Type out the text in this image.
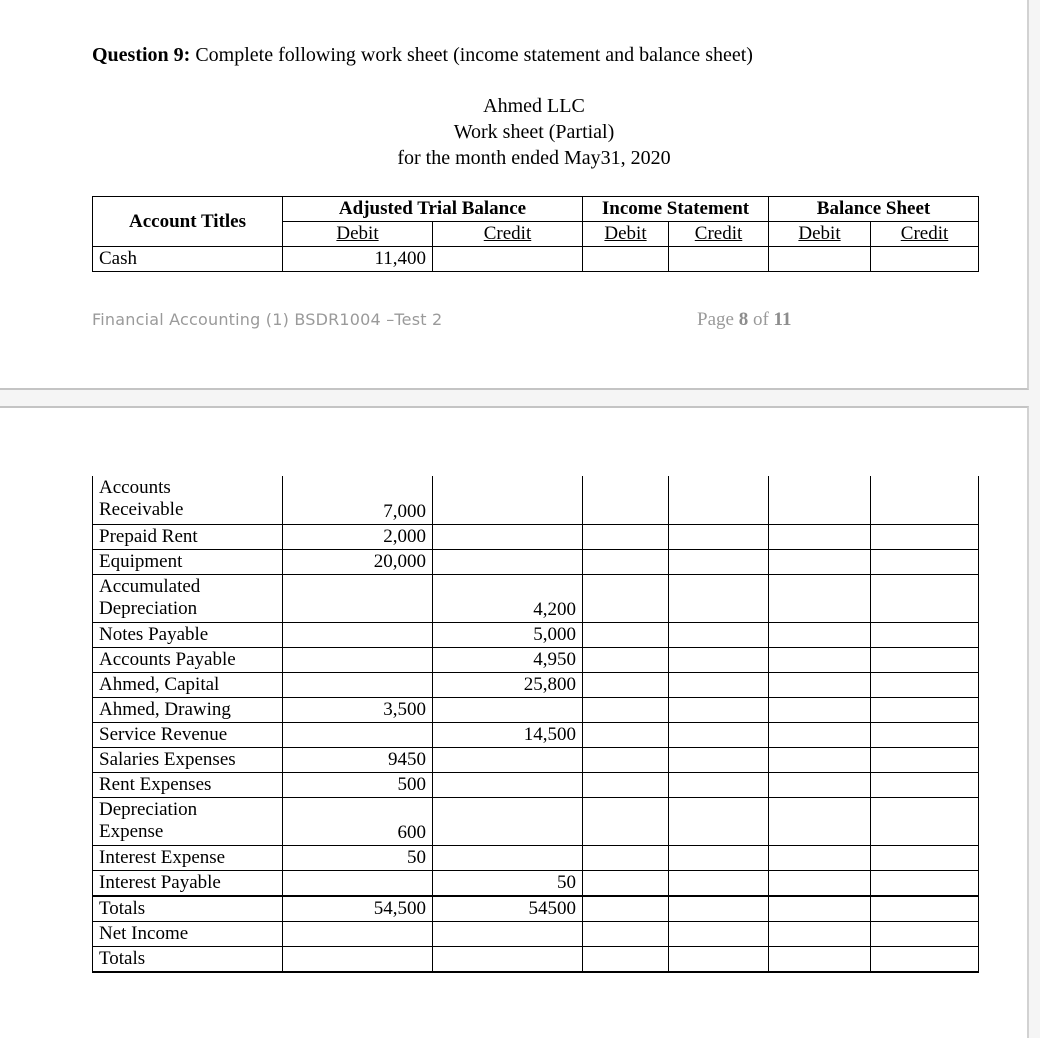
Question 9: Complete following work sheet (income statement and balance sheet)
Ahmed LLC
Work sheet (Partial)
for the month ended May31, 2020
Account Titles	Adjusted Trial Balance		Income Statement		Balance Sheet	
	Debit	Credit	Debit	Credit	Debit	Credit
Cash	11,400					
Financial Accounting (1) BSDR1004 –Test 2	Page 8 of 11
Accounts
Receivable	7,000					
Prepaid Rent	2,000					
Equipment	20,000					
Accumulated
Depreciation		4,200				
Notes Payable		5,000				
Accounts Payable		4,950				
Ahmed, Capital		25,800				
Ahmed, Drawing	3,500					
Service Revenue		14,500				
Salaries Expenses	9450					
Rent Expenses	500					
Depreciation
Expense	600					
Interest Expense	50					
Interest Payable		50				
Totals	54,500	54500				
Net Income						
Totals						
